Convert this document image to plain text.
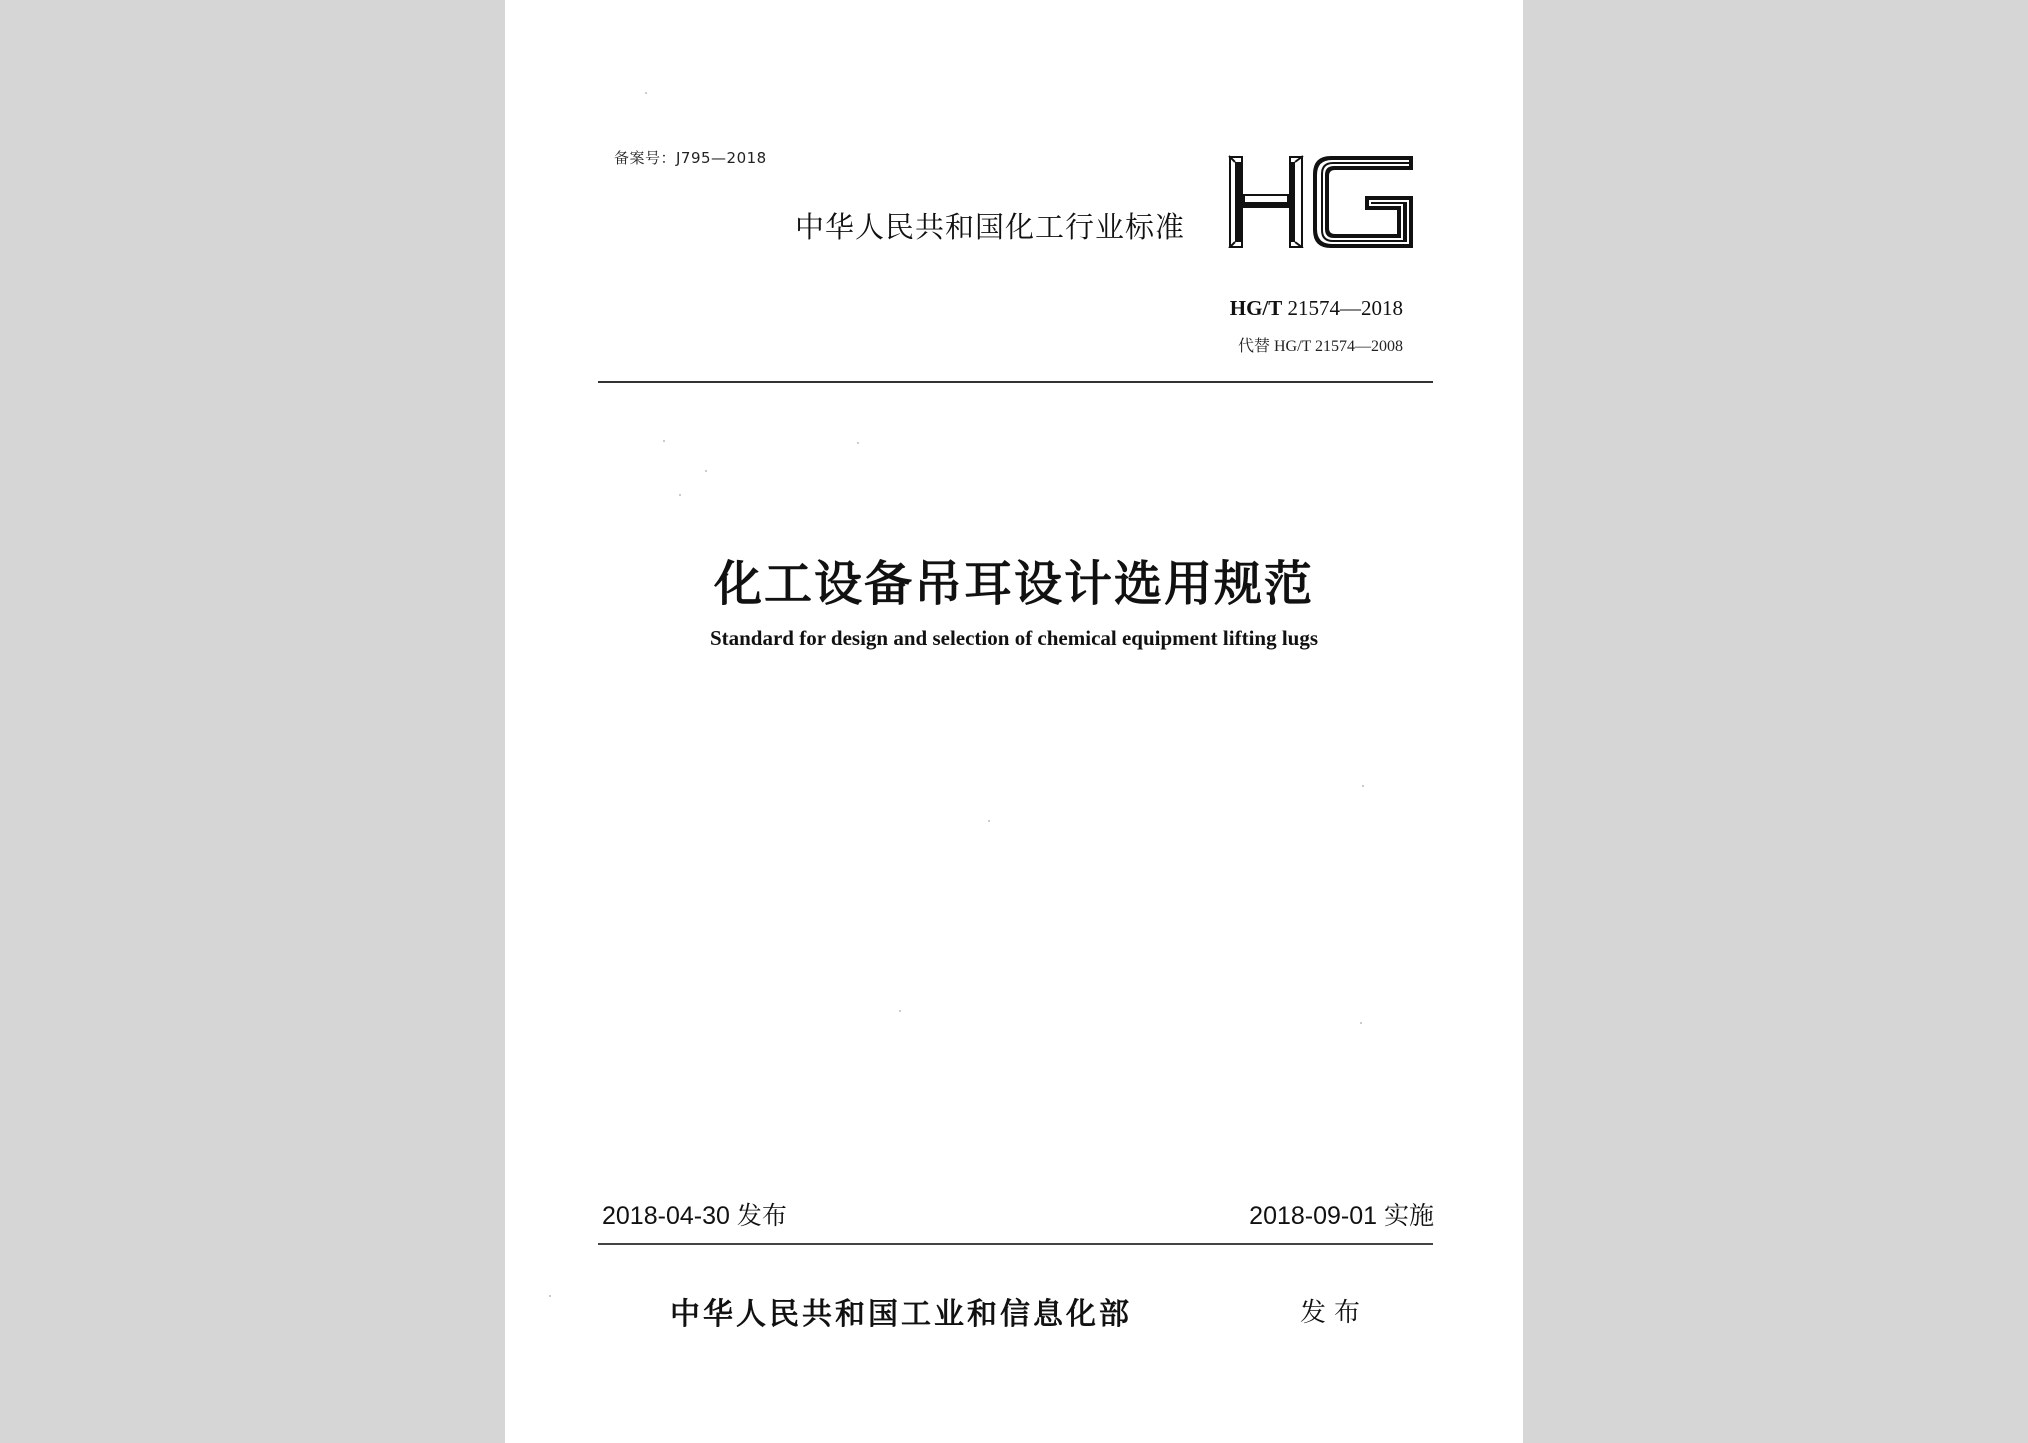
备案号：J795—2018
中华人民共和国化工行业标准
HG/T 21574—2018
代替 HG/T 21574—2008
化工设备吊耳设计选用规范
Standard for design and selection of chemical equipment lifting lugs
2018-04-30 发布	2018-09-01 实施
中华人民共和国工业和信息化部	发布
